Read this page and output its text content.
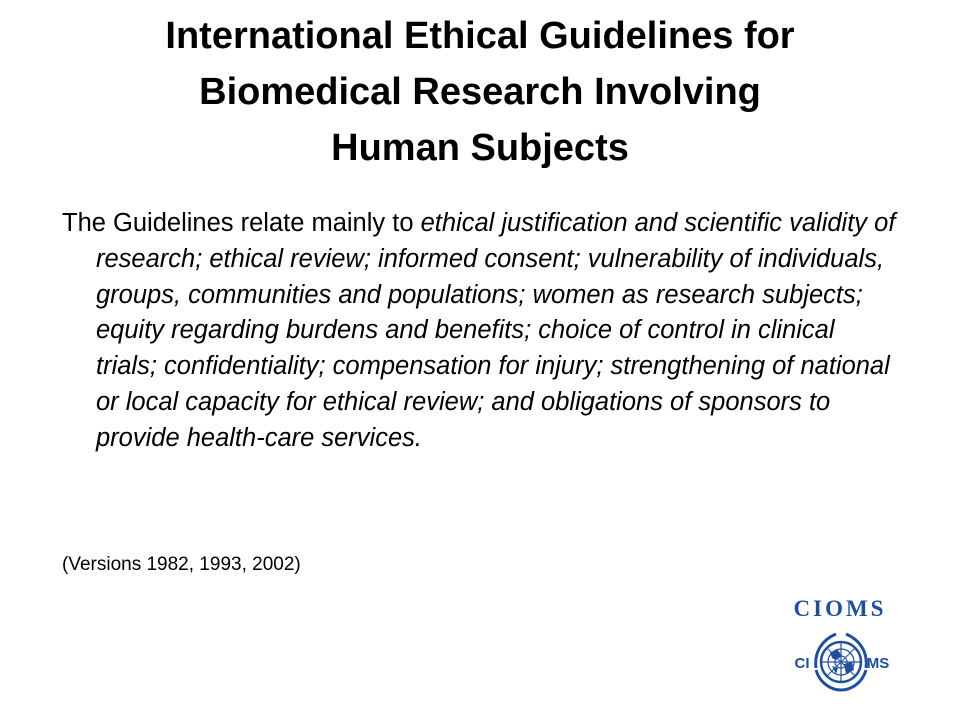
International Ethical Guidelines for
Biomedical Research Involving
Human Subjects

The Guidelines relate mainly to ethical justification and scientific validity of research; ethical review; informed consent; vulnerability of individuals, groups, communities and populations; women as research subjects; equity regarding burdens and benefits; choice of control in clinical trials; confidentiality; compensation for injury; strengthening of national or local capacity for ethical review; and obligations of sponsors to provide health-care services.

(Versions 1982, 1993, 2002)

CIOMS
CI	MS
